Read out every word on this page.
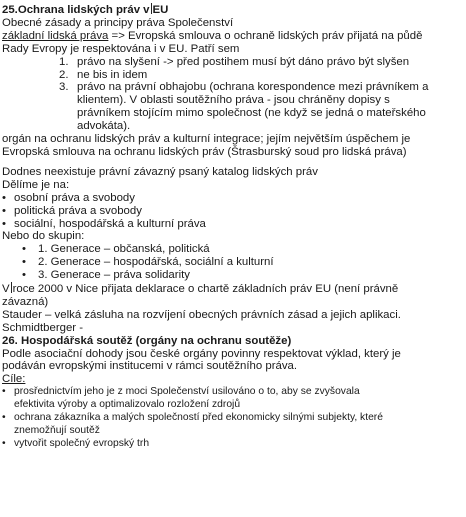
25.Ochrana lidských práv v EU
Obecné zásady a principy práva Společenství
základní lidská práva => Evropská smlouva o ochraně lidských práv přijatá na půdě
Rady Evropy je respektována i v EU. Patří sem
1. právo na slyšení -> před postihem musí být dáno právo být slyšen
2. ne bis in idem
3. právo na právní obhajobu (ochrana korespondence mezi právníkem a
klientem). V oblasti soutěžního práva - jsou chráněny dopisy s
právníkem stojícím mimo společnost (ne když se jedná o mateřského
advokáta).
orgán na ochranu lidských práv a kulturní integrace; jejím největším úspěchem je
Evropská smlouva na ochranu lidských práv (Štrasburský soud pro lidská práva)
Dodnes neexistuje právní závazný psaný katalog lidských práv
Dělíme je na:
• osobní práva a svobody
• politická práva a svobody
• sociální, hospodářská a kulturní práva
Nebo do skupin:
• 1. Generace – občanská, politická
• 2. Generace – hospodářská, sociální a kulturní
• 3. Generace – práva solidarity
V roce 2000 v Nice přijata deklarace o chartě základních práv EU (není právně
závazná)
Stauder – velká zásluha na rozvíjení obecných právních zásad a jejich aplikaci.
Schmidtberger -
26. Hospodářská soutěž (orgány na ochranu soutěže)
Podle asociační dohody jsou české orgány povinny respektovat výklad, který je
podáván evropskými institucemi v rámci soutěžního práva.
Cíle:
• prosřednictvím jeho je z moci Společenství usilováno o to, aby se zvyšovala
efektivita výroby a optimalizovalo rozložení zdrojů
• ochrana zákazníka a malých společností před ekonomicky silnými subjekty, které
znemožňují soutěž
• vytvořit společný evropský trh
